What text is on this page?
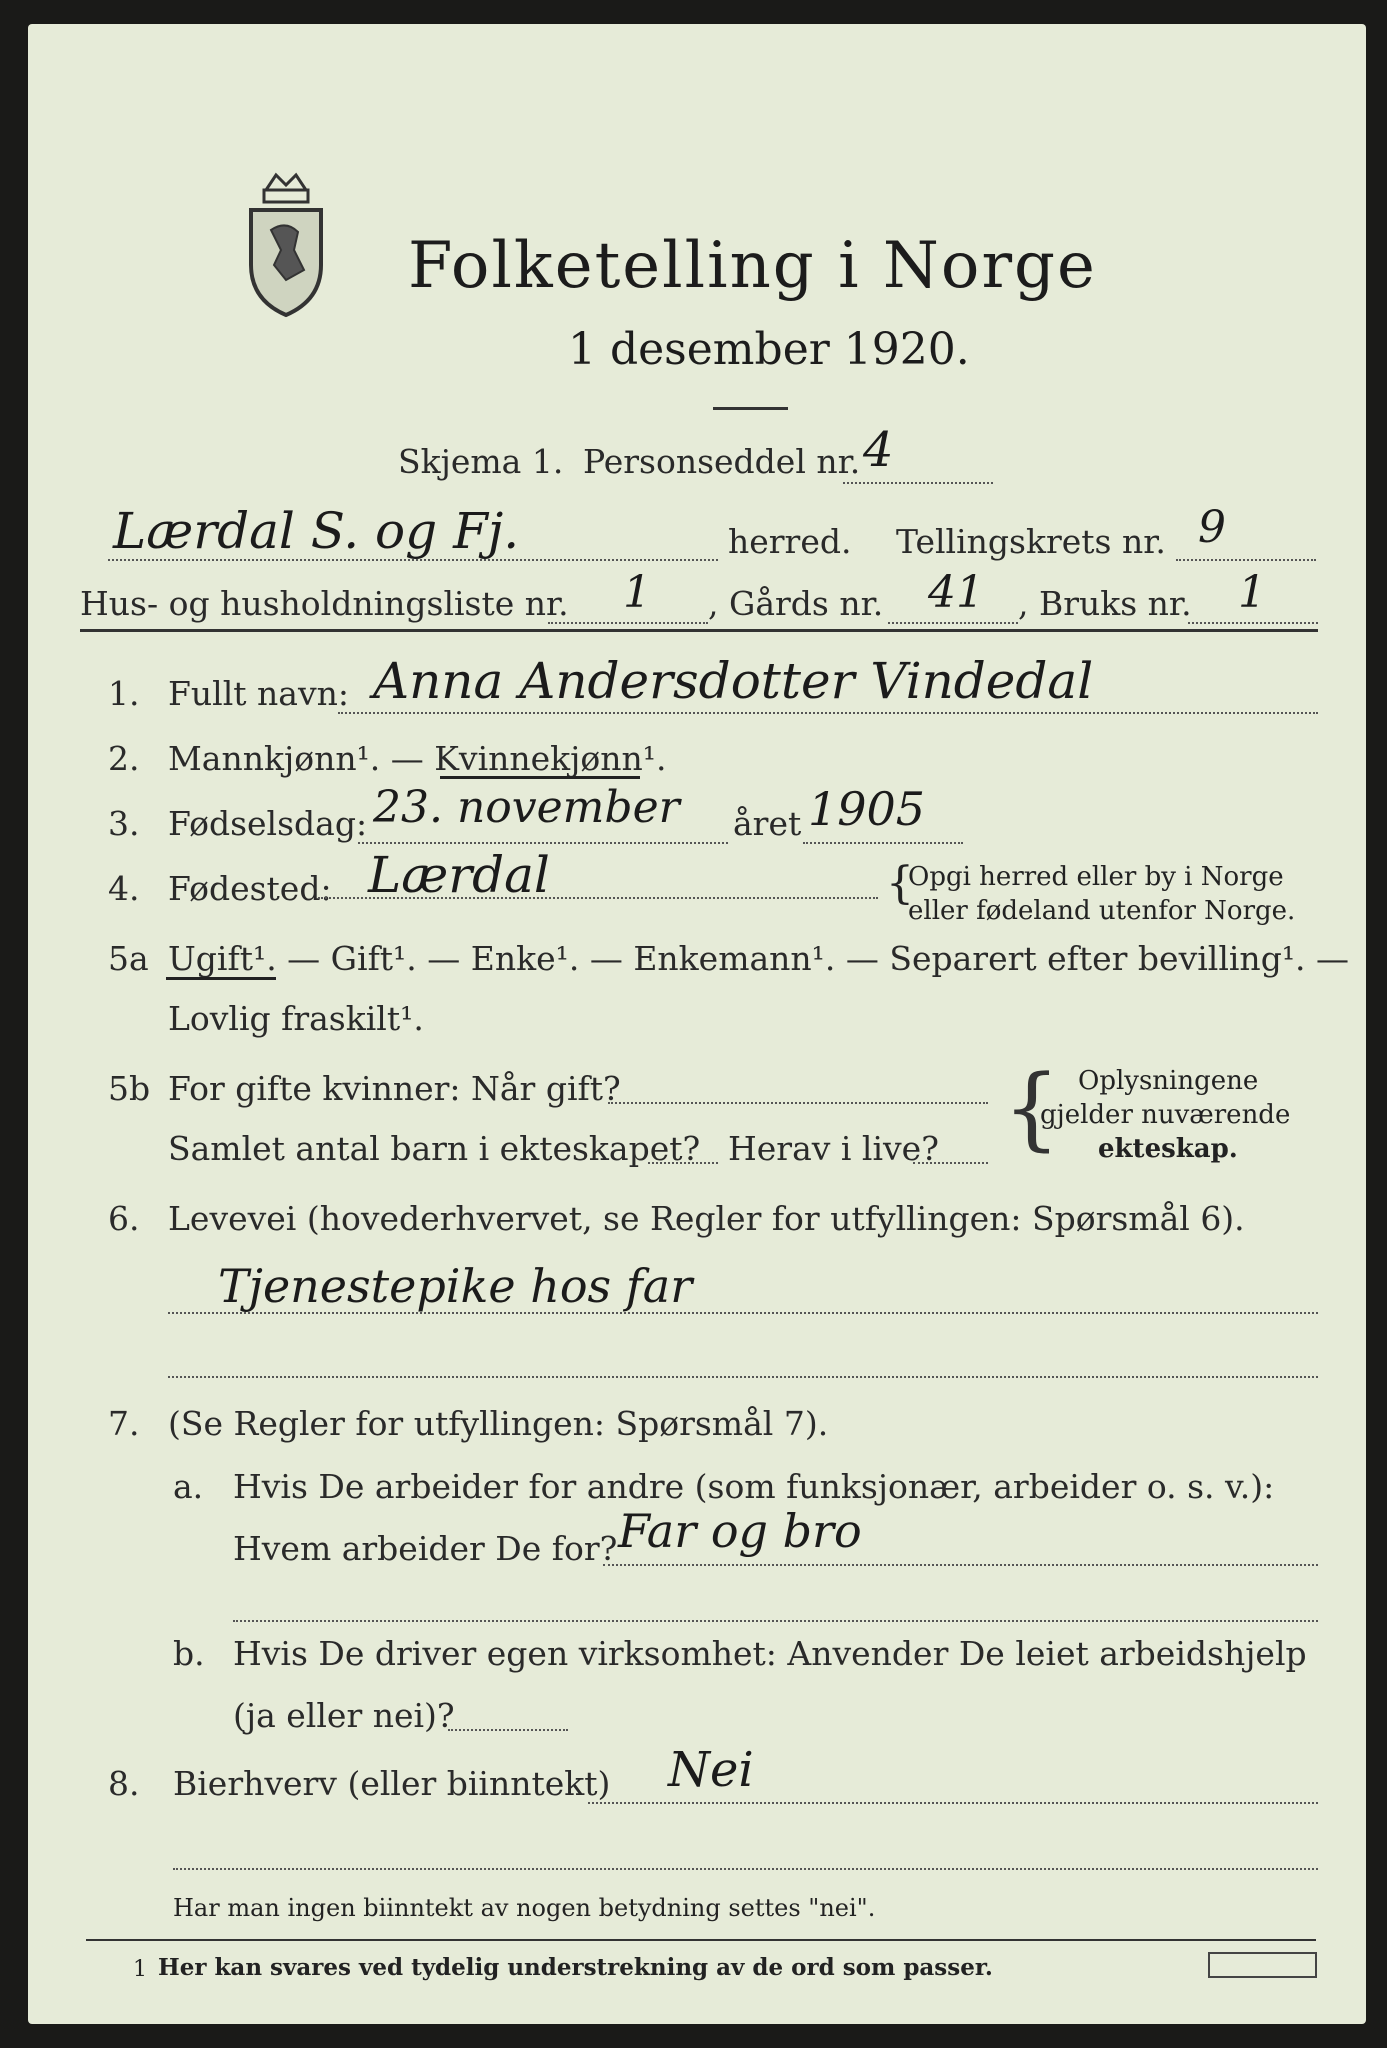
Folketelling i Norge
1 desember 1920.
Skjema 1. Personseddel nr. 4
Lærdal S. og Fj.	herred. Tellingskrets nr. 9
Hus- og husholdningsliste nr. 1 , Gårds nr. 41 , Bruks nr. 1
1. Fullt navn: Anna Andersdotter Vindedal
2. Mannkjønn¹. — Kvinnekjønn¹.
3. Fødselsdag: 23. november året 1905
4. Fødested: Lærdal	{
Opgi herred eller by i Norge
eller fødeland utenfor Norge.
5a Ugift¹. — Gift¹. — Enke¹. — Enkemann¹. — Separert efter bevilling¹. —
Lovlig fraskilt¹.
5b For gifte kvinner: Når gift?
Samlet antal barn i ekteskapet? Herav i live? { Oplysningene
gjelder nuværende
ekteskap.
6. Levevei (hovederhvervet, se Regler for utfyllingen: Spørsmål 6).
Tjenestepike hos far
7. (Se Regler for utfyllingen: Spørsmål 7).
a. Hvis De arbeider for andre (som funksjonær, arbeider o. s. v.):
Hvem arbeider De for? Far og bro
b. Hvis De driver egen virksomhet: Anvender De leiet arbeidshjelp
(ja eller nei)?
8. Bierhverv (eller biinntekt) Nei
Har man ingen biinntekt av nogen betydning settes "nei".
1 Her kan svares ved tydelig understrekning av de ord som passer.
